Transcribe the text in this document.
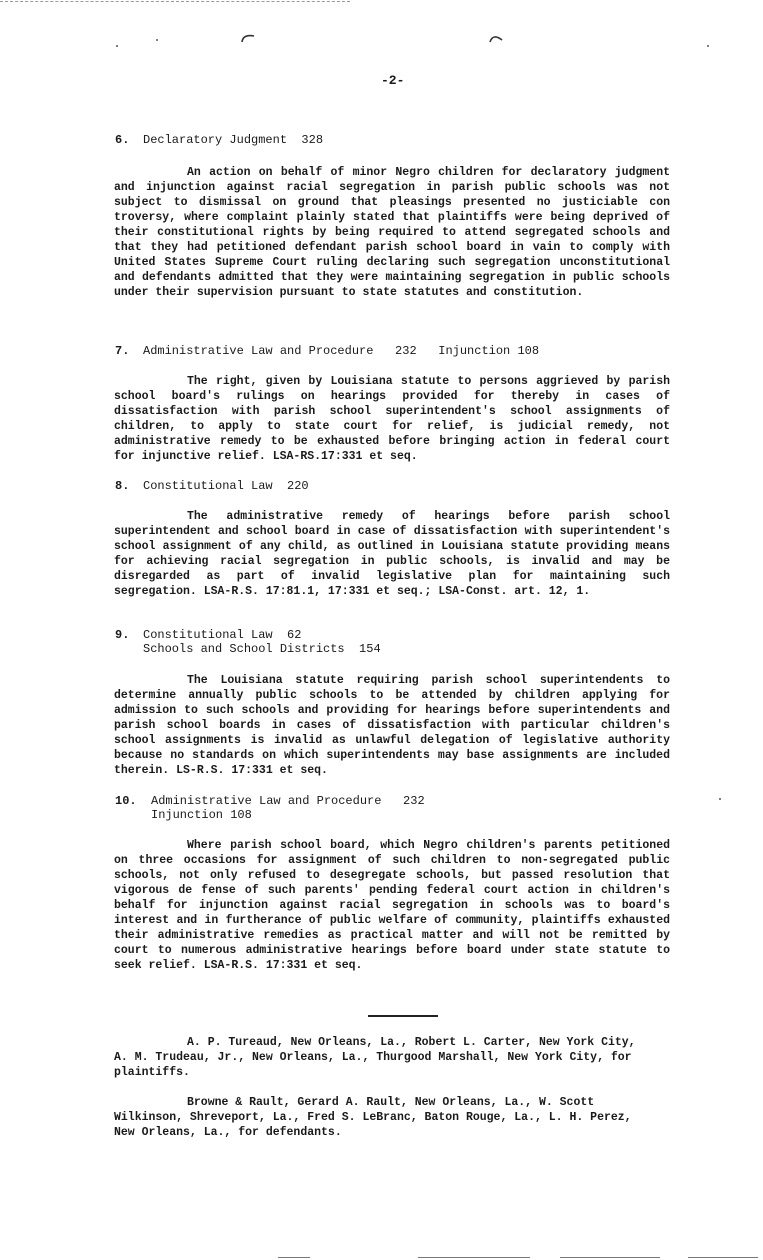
-2-
6. Declaratory Judgment  328
An action on behalf of minor Negro children for declaratory judgment and injunction against racial segregation in parish public schools was not subject to dismissal on ground that pleasings presented no justiciable con troversy, where complaint plainly stated that plaintiffs were being deprived of their constitutional rights by being required to attend segregated schools and that they had petitioned defendant parish school board in vain to comply with United States Supreme Court ruling declaring such segregation unconstitutional and defendants admitted that they were maintaining segregation in public schools under their supervision pursuant to state statutes and constitution.
7. Administrative Law and Procedure   232   Injunction 108
The right, given by Louisiana statute to persons aggrieved by parish school board's rulings on hearings provided for thereby in cases of dissatisfaction with parish school superintendent's school assignments of children, to apply to state court for relief, is judicial remedy, not administrative remedy to be exhausted before bringing action in federal court for injunctive relief. LSA-RS.17:331 et seq.
8. Constitutional Law  220
The administrative remedy of hearings before parish school superintendent and school board in case of dissatisfaction with superintendent's school assignment of any child, as outlined in Louisiana statute providing means for achieving racial segregation in public schools, is invalid and may be disregarded as part of invalid legislative plan for maintaining such segregation. LSA-R.S. 17:81.1, 17:331 et seq.; LSA-Const. art. 12, 1.
9. Constitutional Law  62
Schools and School Districts  154
The Louisiana statute requiring parish school superintendents to determine annually public schools to be attended by children applying for admission to such schools and providing for hearings before superintendents and parish school boards in cases of dissatisfaction with particular children's school assignments is invalid as unlawful delegation of legislative authority because no standards on which superintendents may base assignments are included therein. LS-R.S. 17:331 et seq.
10. Administrative Law and Procedure   232
Injunction 108
Where parish school board, which Negro children's parents petitioned on three occasions for assignment of such children to non-segregated public schools, not only refused to desegregate schools, but passed resolution that vigorous de fense of such parents' pending federal court action in children's behalf for injunction against racial segregation in schools was to board's interest and in furtherance of public welfare of community, plaintiffs exhausted their administrative remedies as practical matter and will not be remitted by court to numerous administrative hearings before board under state statute to seek relief. LSA-R.S. 17:331 et seq.
A. P. Tureaud, New Orleans, La., Robert L. Carter, New York City, A. M. Trudeau, Jr., New Orleans, La., Thurgood Marshall, New York City, for plaintiffs.
Browne & Rault, Gerard A. Rault, New Orleans, La., W. Scott Wilkinson, Shreveport, La., Fred S. LeBranc, Baton Rouge, La., L. H. Perez, New Orleans, La., for defendants.
